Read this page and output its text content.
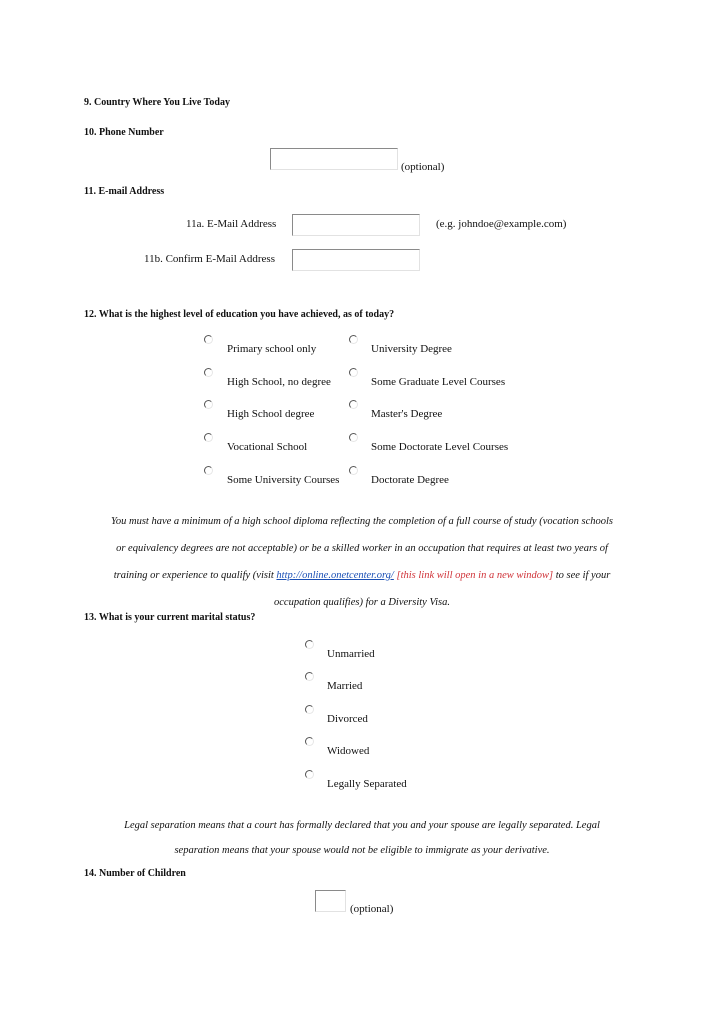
9. Country Where You Live Today
10. Phone Number
(optional)
11. E-mail Address
11a. E-Mail Address	(e.g. johndoe@example.com)
11b. Confirm E-Mail Address
12. What is the highest level of education you have achieved, as of today?
Primary school only	University Degree
High School, no degree	Some Graduate Level Courses
High School degree	Master's Degree
Vocational School	Some Doctorate Level Courses
Some University Courses	Doctorate Degree
You must have a minimum of a high school diploma reflecting the completion of a full course of study (vocation schools
or equivalency degrees are not acceptable) or be a skilled worker in an occupation that requires at least two years of
training or experience to qualify (visit http://online.onetcenter.org/ [this link will open in a new window] to see if your
occupation qualifies) for a Diversity Visa.
13. What is your current marital status?
Unmarried
Married
Divorced
Widowed
Legally Separated
Legal separation means that a court has formally declared that you and your spouse are legally separated. Legal
separation means that your spouse would not be eligible to immigrate as your derivative.
14. Number of Children
(optional)
